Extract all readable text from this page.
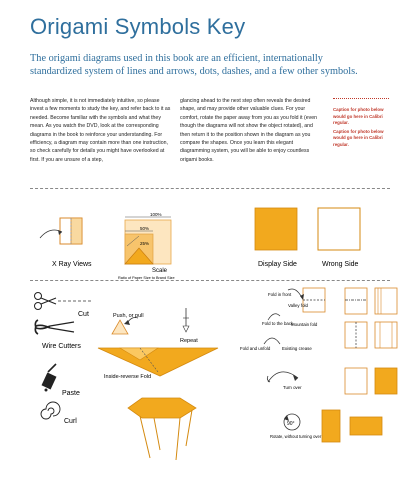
Origami Symbols Key
The origami diagrams used in this book are an efficient, internationally standardized system of lines and arrows, dots, dashes, and a few other symbols.
Although simple, it is not immediately intuitive, so please invest a few moments to study the key, and refer back to it as needed. Become familiar with the symbols and what they mean. As you watch the DVD, look at the corresponding diagrams in the book to reinforce your understanding. For efficiency, a diagram may contain more than one instruction, so check carefully for details you might have overlooked at first. If you are unsure of a step,
glancing ahead to the next step often reveals the desired shape, and may provide other valuable clues. For your comfort, rotate the paper away from you as you fold it (even though the diagrams will not show the object rotated), and then return it to the position shown in the diagram as you compare the shapes. Once you learn this elegant diagramming system, you will be able to enjoy countless origami books.
Caption for photo below would go here in Calibri regular.
Caption for photo below would go here in Calibri regular.
X Ray Views
100%
50%
25%
Scale
Ratio of Paper Size to Brand Size
Display Side	Wrong Side
Cut
Wire Cutters
Paste
Curl
Push, or pull
Repeat
Inside-reverse Fold
Fold in front
Valley fold
Fold to the back
Mountain fold
Fold and unfold	Existing crease
Turn over
90°
Rotate, without turning over
